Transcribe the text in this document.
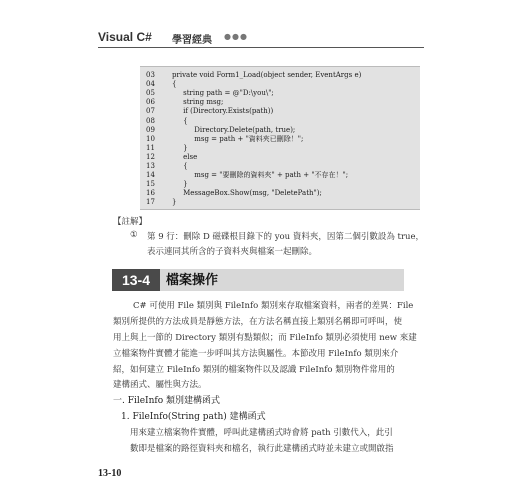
Visual C# 學習經典 ●●●
03	private void Form1_Load(object sender, EventArgs e)
04	{
05	string path = @"D:\you\";
06	string msg;
07	if (Directory.Exists(path))
08	{
09	Directory.Delete(path, true);
10	msg = path + "資料夾已刪除！";
11	}
12	else
13	{
14	msg = "要刪除的資料夾" + path + "不存在！";
15	}
16	MessageBox.Show(msg, "DeletePath");
17	}
【註解】
① 第 9 行：刪除 D 磁碟根目錄下的 you 資料夾，因第二個引數設為 true，
表示連同其所含的子資料夾與檔案一起刪除。
13-4	檔案操作
C# 可使用 File 類別與 FileInfo 類別來存取檔案資料，兩者的差異：File
類別所提供的方法成員是靜態方法，在方法名稱直接上類別名稱即可呼叫，使
用上與上一節的 Directory 類別有點類似；而 FileInfo 類別必須使用 new 來建
立檔案物件實體才能進一步呼叫其方法與屬性。本節改用 FileInfo 類別來介
紹，如何建立 FileInfo 類別的檔案物件以及認識 FileInfo 類別物件常用的
建構函式、屬性與方法。
一. FileInfo 類別建構函式
1. FileInfo(String path) 建構函式
用來建立檔案物件實體，呼叫此建構函式時會將 path 引數代入，此引
數即是檔案的路徑資料夾和檔名，執行此建構函式時並未建立或開啟指
13-10
